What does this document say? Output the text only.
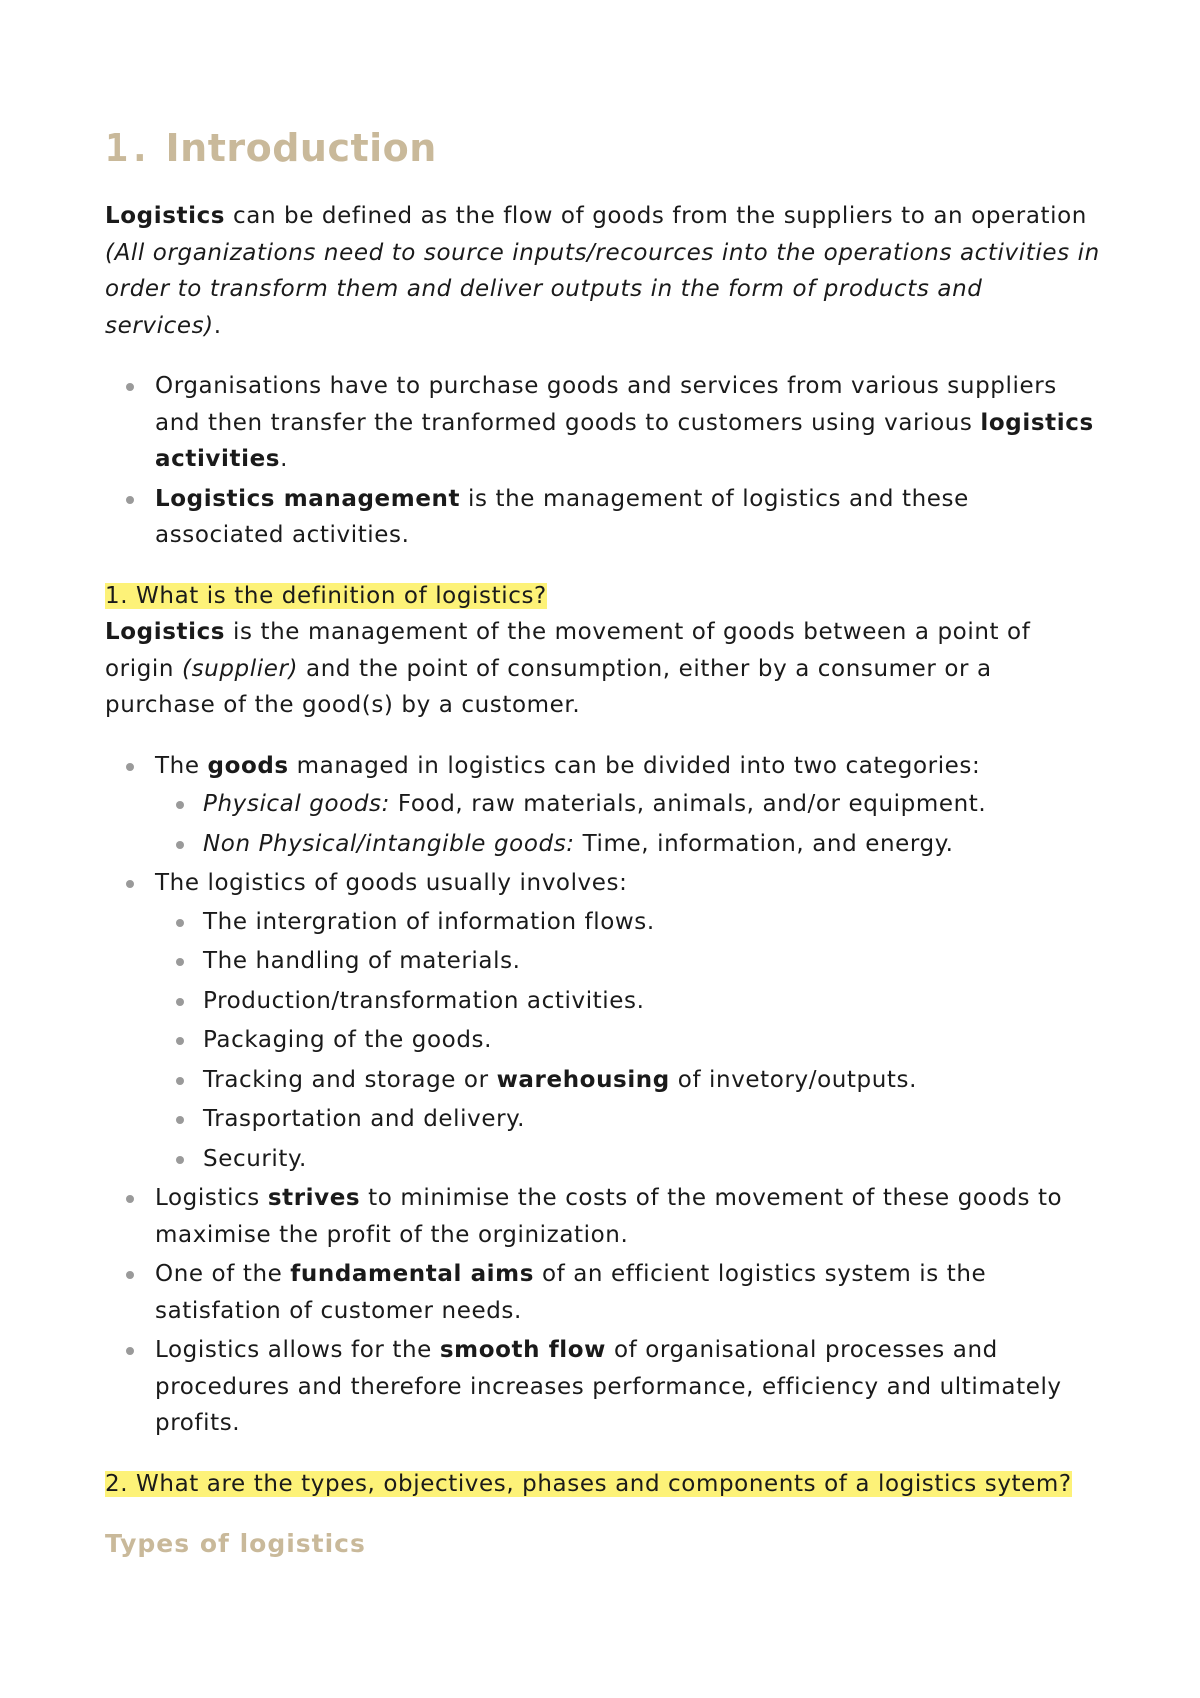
1. Introduction

Logistics can be defined as the flow of goods from the suppliers to an operation (All organizations need to source inputs/recources into the operations activities in order to transform them and deliver outputs in the form of products and services).

Organisations have to purchase goods and services from various suppliers and then transfer the tranformed goods to customers using various logistics activities.
Logistics management is the management of logistics and these associated activities.

1. What is the definition of logistics?

Logistics is the management of the movement of goods between a point of origin (supplier) and the point of consumption, either by a consumer or a purchase of the good(s) by a customer.

The goods managed in logistics can be divided into two categories:
Physical goods: Food, raw materials, animals, and/or equipment.
Non Physical/intangible goods: Time, information, and energy.
The logistics of goods usually involves:
The intergration of information flows.
The handling of materials.
Production/transformation activities.
Packaging of the goods.
Tracking and storage or warehousing of invetory/outputs.
Trasportation and delivery.
Security.
Logistics strives to minimise the costs of the movement of these goods to maximise the profit of the orginization.
One of the fundamental aims of an efficient logistics system is the satisfation of customer needs.
Logistics allows for the smooth flow of organisational processes and procedures and therefore increases performance, efficiency and ultimately profits.

2. What are the types, objectives, phases and components of a logistics sytem?

Types of logistics
